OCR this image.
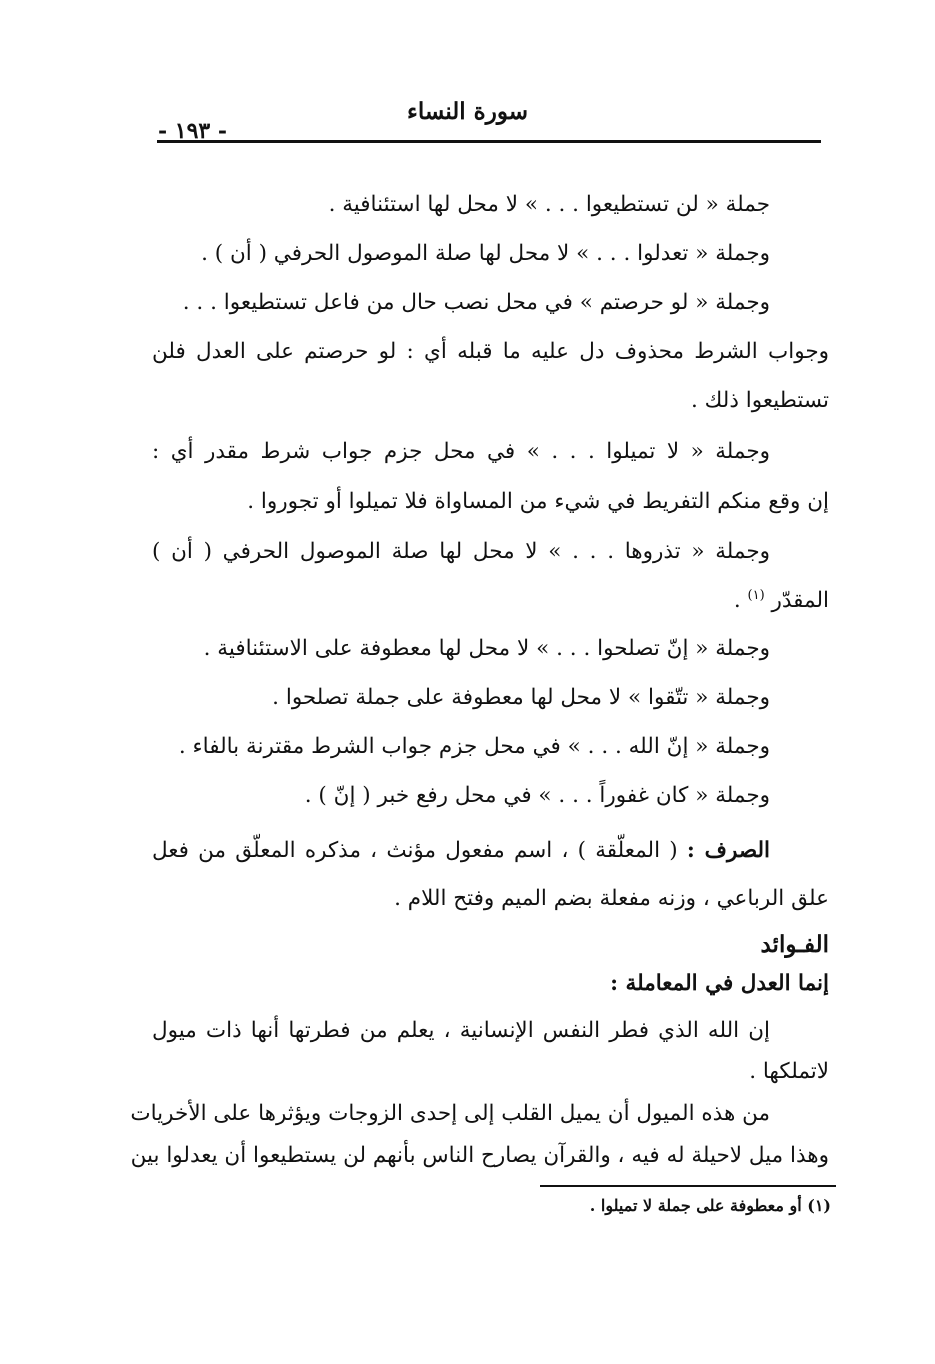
سورة النساء
- ١٩٣ -
جملة « لن تستطيعوا . . . » لا محل لها استئنافية .
وجملة « تعدلوا . . . » لا محل لها صلة الموصول الحرفي ( أن ) .
وجملة « لو حرصتم » في محل نصب حال من فاعل تستطيعوا . . .
وجواب الشرط محذوف دل عليه ما قبله أي : لو حرصتم على العدل فلن
تستطيعوا ذلك .
وجملة « لا تميلوا . . . » في محل جزم جواب شرط مقدر أي :
إن وقع منكم التفريط في شيء من المساواة فلا تميلوا أو تجوروا .
وجملة « تذروها . . . » لا محل لها صلة الموصول الحرفي ( أن )
المقدّر $^{(١)}$ .
وجملة « إنّ تصلحوا . . . » لا محل لها معطوفة على الاستئنافية .
وجملة « تتّقوا » لا محل لها معطوفة على جملة تصلحوا .
وجملة « إنّ الله . . . » في محل جزم جواب الشرط مقترنة بالفاء .
وجملة « كان غفوراً . . . » في محل رفع خبر ( إنّ ) .
الصرف : ( المعلّقة ) ، اسم مفعول مؤنث ، مذكره المعلّق من فعل
علق الرباعي ، وزنه مفعلة بضم الميم وفتح اللام .
الفـوائد
إنما العدل في المعاملة :
إن الله الذي فطر النفس الإنسانية ، يعلم من فطرتها أنها ذات ميول
لاتملكها .
من هذه الميول أن يميل القلب إلى إحدى الزوجات ويؤثرها على الأخريات
وهذا ميل لاحيلة له فيه ، والقرآن يصارح الناس بأنهم لن يستطيعوا أن يعدلوا بين
(١) أو معطوفة على جملة لا تميلوا .
